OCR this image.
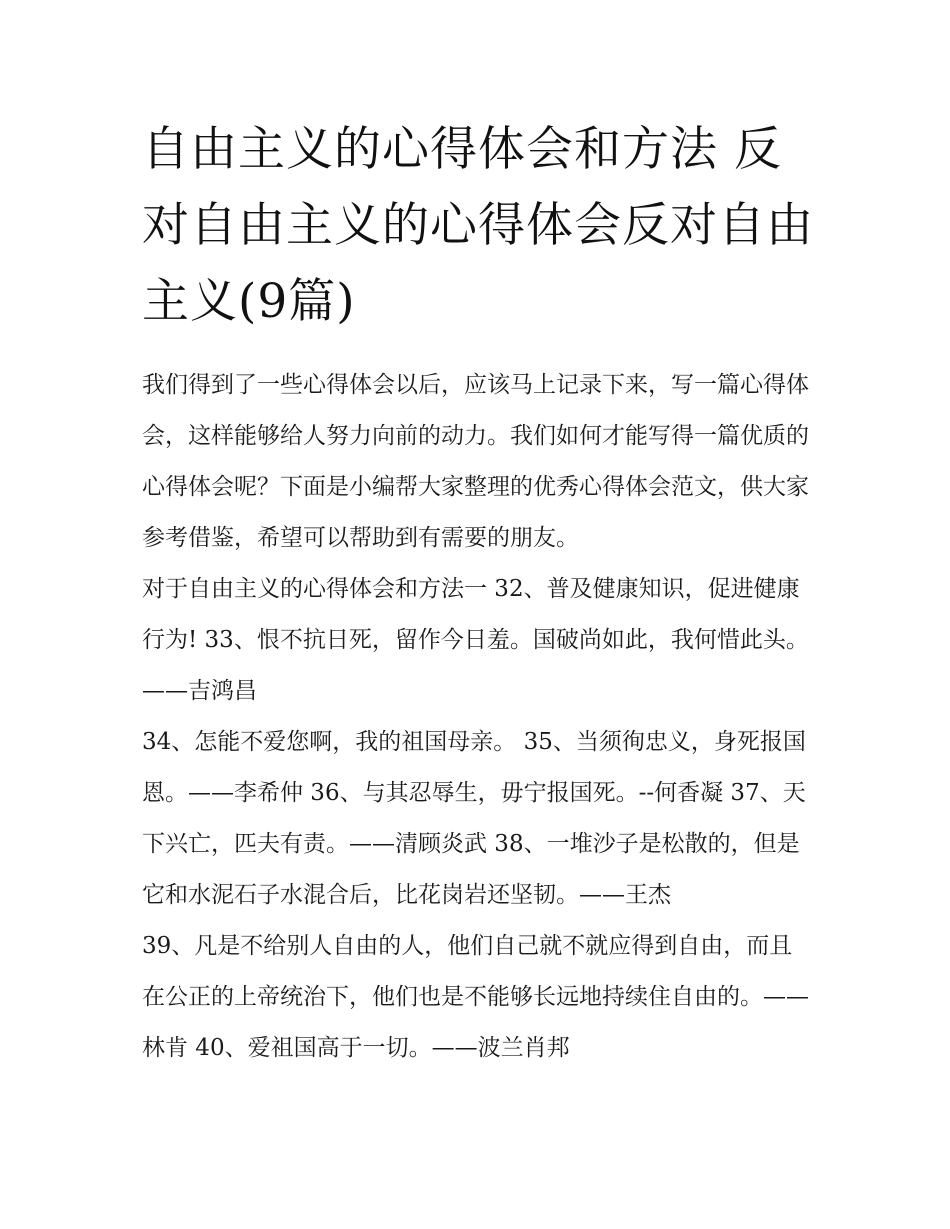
自由主义的心得体会和方法 反对自由主义的心得体会反对自由主义(9篇)

我们得到了一些心得体会以后，应该马上记录下来，写一篇心得体会，这样能够给人努力向前的动力。我们如何才能写得一篇优质的心得体会呢？下面是小编帮大家整理的优秀心得体会范文，供大家参考借鉴，希望可以帮助到有需要的朋友。

对于自由主义的心得体会和方法一 32、普及健康知识，促进健康行为! 33、恨不抗日死，留作今日羞。国破尚如此，我何惜此头。——吉鸿昌

34、怎能不爱您啊，我的祖国母亲。 35、当须徇忠义，身死报国恩。——李希仲 36、与其忍辱生，毋宁报国死。--何香凝 37、天下兴亡，匹夫有责。——清顾炎武 38、一堆沙子是松散的，但是它和水泥石子水混合后，比花岗岩还坚韧。——王杰

39、凡是不给别人自由的人，他们自己就不就应得到自由，而且在公正的上帝统治下，他们也是不能够长远地持续住自由的。——林肯 40、爱祖国高于一切。——波兰肖邦
